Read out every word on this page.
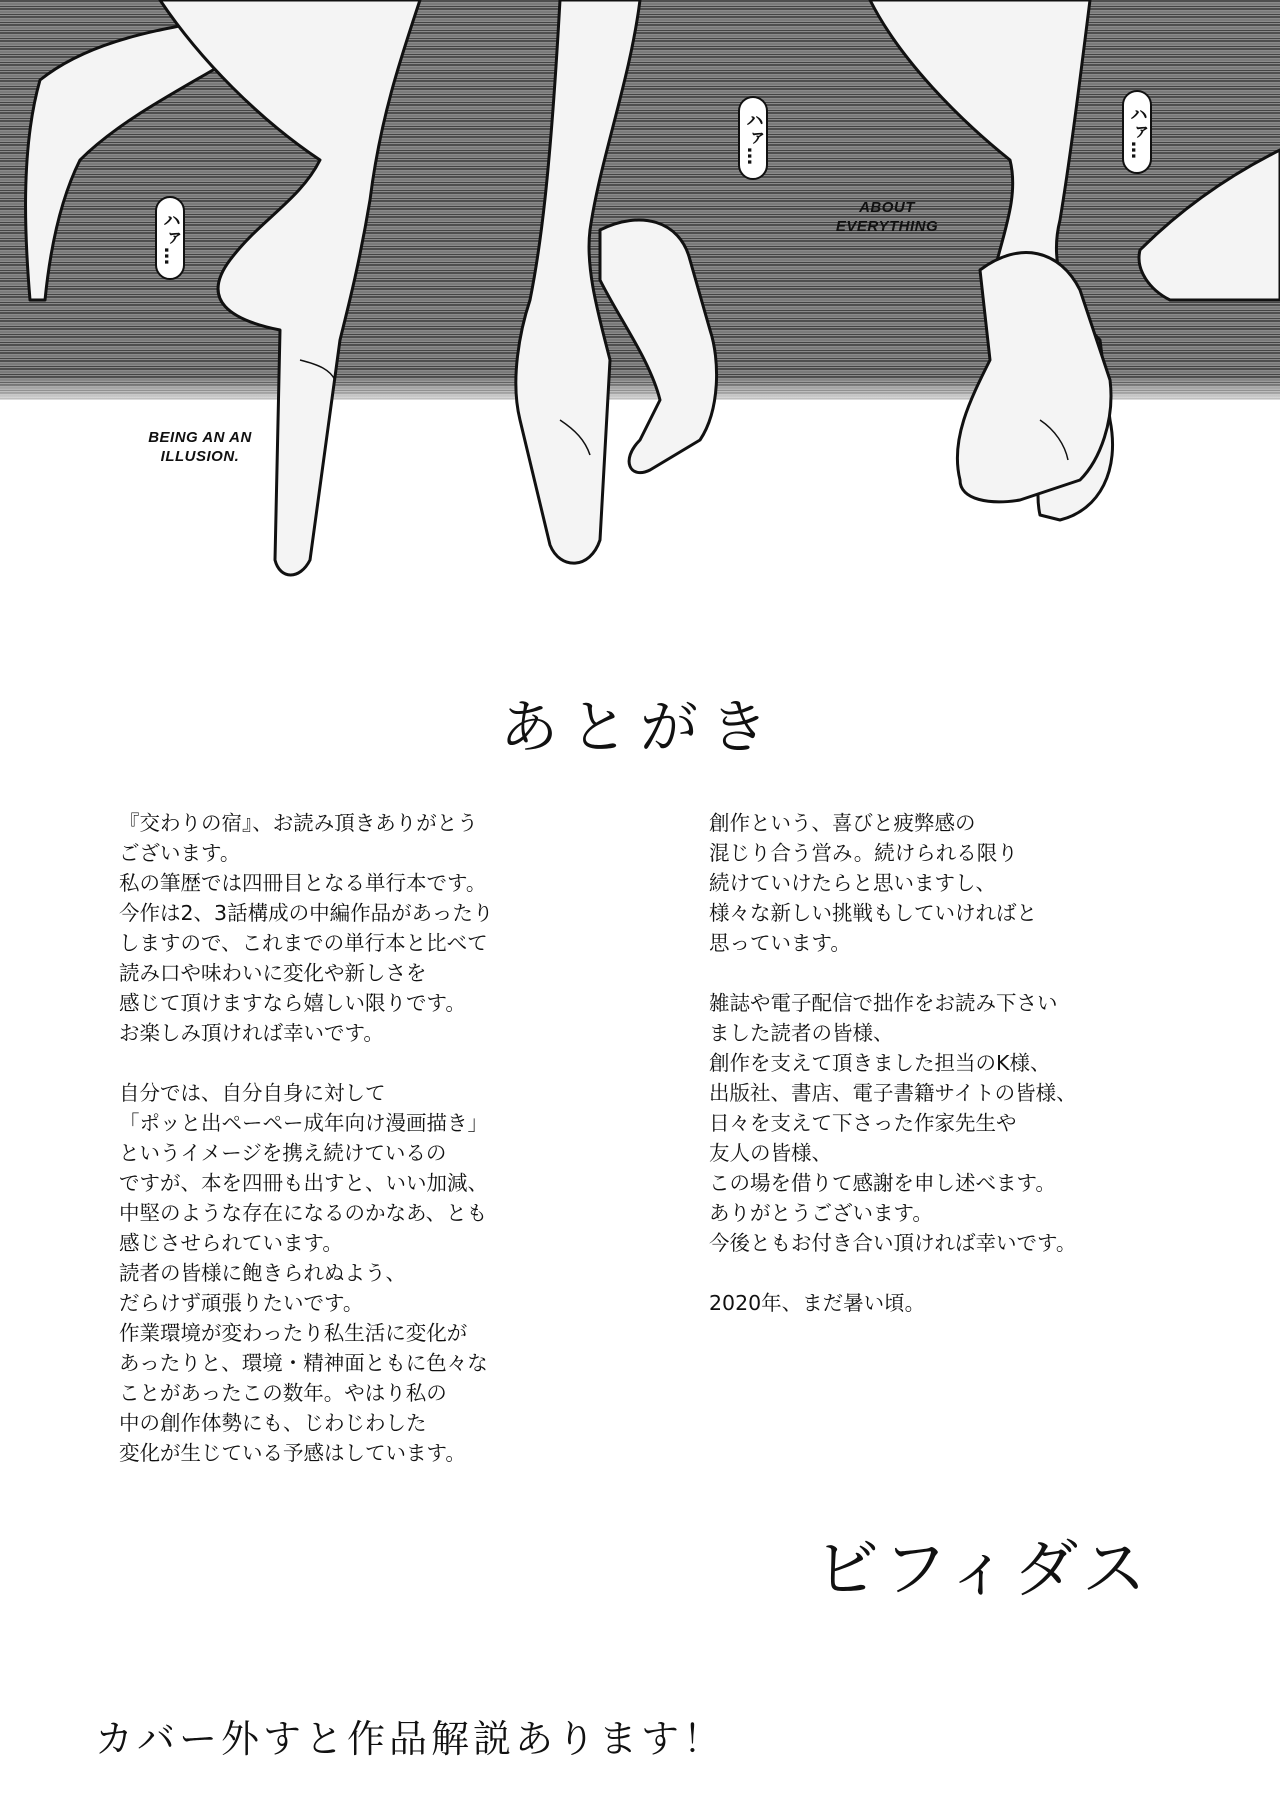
ハァ…
ハァ…	ハァ…
BEING AN AN ILLUSION.
ABOUT EVERYTHING
あとがき

『交わりの宿』、お読み頂きありがとう

ございます。

私の筆歴では四冊目となる単行本です。

今作は2、3話構成の中編作品があったり

しますので、これまでの単行本と比べて

読み口や味わいに変化や新しさを

感じて頂けますなら嬉しい限りです。

お楽しみ頂ければ幸いです。

自分では、自分自身に対して

「ポッと出ペーペー成年向け漫画描き」

というイメージを携え続けているの

ですが、本を四冊も出すと、いい加減、

中堅のような存在になるのかなあ、とも

感じさせられています。

読者の皆様に飽きられぬよう、

だらけず頑張りたいです。

作業環境が変わったり私生活に変化が

あったりと、環境・精神面ともに色々な

ことがあったこの数年。やはり私の

中の創作体勢にも、じわじわした

変化が生じている予感はしています。

創作という、喜びと疲弊感の

混じり合う営み。続けられる限り

続けていけたらと思いますし、

様々な新しい挑戦もしていければと

思っています。

雑誌や電子配信で拙作をお読み下さい

ました読者の皆様、

創作を支えて頂きました担当のK様、

出版社、書店、電子書籍サイトの皆様、

日々を支えて下さった作家先生や

友人の皆様、

この場を借りて感謝を申し述べます。

ありがとうございます。

今後ともお付き合い頂ければ幸いです。

2020年、まだ暑い頃。

ビフィダス
カバー外すと作品解説あります！
